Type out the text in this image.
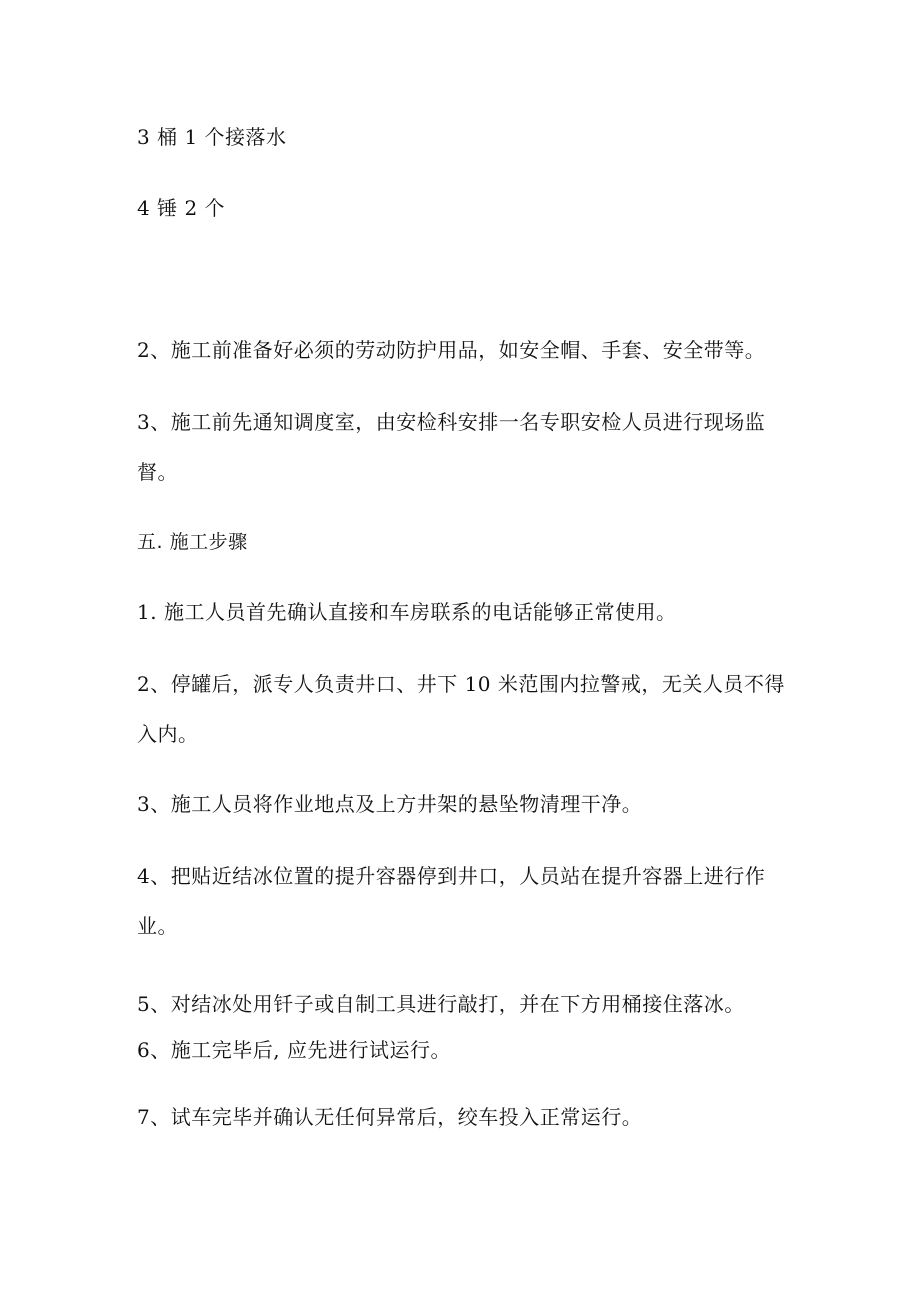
3 桶 1 个接落水
4 锤 2 个
2、施工前准备好必须的劳动防护用品，如安全帽、手套、安全带等。
3、施工前先通知调度室，由安检科安排一名专职安检人员进行现场监督。
五. 施工步骤
1. 施工人员首先确认直接和车房联系的电话能够正常使用。
2、停罐后，派专人负责井口、井下 10 米范围内拉警戒，无关人员不得入内。
3、施工人员将作业地点及上方井架的悬坠物清理干净。
4、把贴近结冰位置的提升容器停到井口，人员站在提升容器上进行作业。
5、对结冰处用钎子或自制工具进行敲打，并在下方用桶接住落冰。
6、施工完毕后, 应先进行试运行。
7、试车完毕并确认无任何异常后，绞车投入正常运行。
